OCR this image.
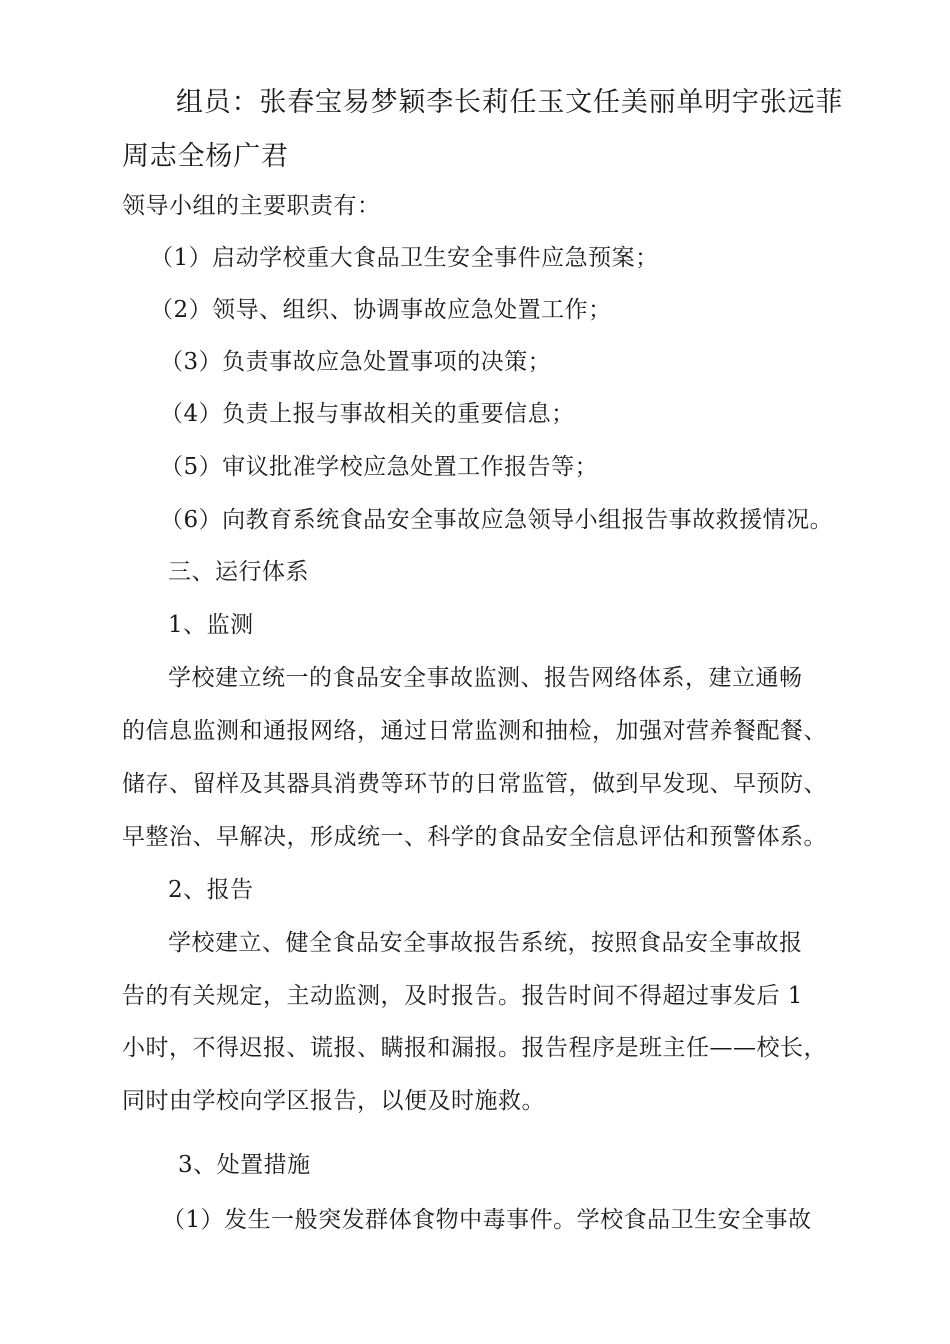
组员：张春宝易梦颖李长莉任玉文任美丽单明宇张远菲
周志全杨广君
领导小组的主要职责有：
（1）启动学校重大食品卫生安全事件应急预案；
（2）领导、组织、协调事故应急处置工作；
（3）负责事故应急处置事项的决策；
（4）负责上报与事故相关的重要信息；
（5）审议批准学校应急处置工作报告等；
（6）向教育系统食品安全事故应急领导小组报告事故救援情况。
三、运行体系
1、监测
学校建立统一的食品安全事故监测、报告网络体系，建立通畅
的信息监测和通报网络，通过日常监测和抽检，加强对营养餐配餐、
储存、留样及其器具消费等环节的日常监管，做到早发现、早预防、
早整治、早解决，形成统一、科学的食品安全信息评估和预警体系。
2、报告
学校建立、健全食品安全事故报告系统，按照食品安全事故报
告的有关规定，主动监测，及时报告。报告时间不得超过事发后 1
小时，不得迟报、谎报、瞒报和漏报。报告程序是班主任——校长，
同时由学校向学区报告，以便及时施救。
3、处置措施
（1）发生一般突发群体食物中毒事件。学校食品卫生安全事故
